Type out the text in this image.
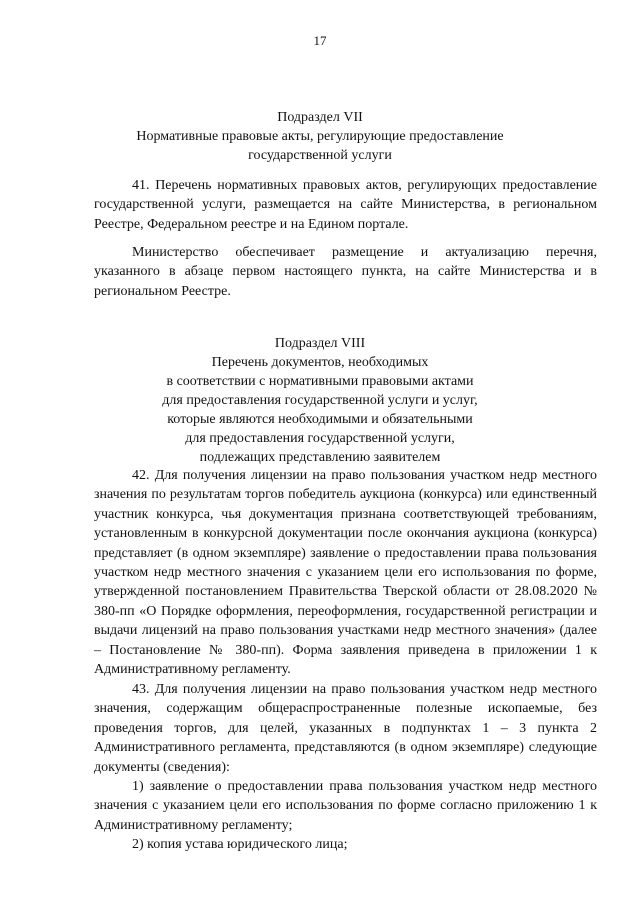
17
Подраздел VII
Нормативные правовые акты, регулирующие предоставление
государственной услуги

41. Перечень нормативных правовых актов, регулирующих предоставление государственной услуги, размещается на сайте Министерства, в региональном Реестре, Федеральном реестре и на Едином портале.

Министерство обеспечивает размещение и актуализацию перечня, указанного в абзаце первом настоящего пункта, на сайте Министерства и в региональном Реестре.

Подраздел VIII
Перечень документов, необходимых
в соответствии с нормативными правовыми актами
для предоставления государственной услуги и услуг,
которые являются необходимыми и обязательными
для предоставления государственной услуги,
подлежащих представлению заявителем

42. Для получения лицензии на право пользования участком недр местного значения по результатам торгов победитель аукциона (конкурса) или единственный участник конкурса, чья документация признана соответствующей требованиям, установленным в конкурсной документации после окончания аукциона (конкурса) представляет (в одном экземпляре) заявление о предоставлении права пользования участком недр местного значения с указанием цели его использования по форме, утвержденной постановлением Правительства Тверской области от 28.08.2020 № 380-пп «О Порядке оформления, переоформления, государственной регистрации и выдачи лицензий на право пользования участками недр местного значения» (далее – Постановление № 380-пп). Форма заявления приведена в приложении 1 к Административному регламенту.

43. Для получения лицензии на право пользования участком недр местного значения, содержащим общераспространенные полезные ископаемые, без проведения торгов, для целей, указанных в подпунктах 1 – 3 пункта 2 Административного регламента, представляются (в одном экземпляре) следующие документы (сведения):

1) заявление о предоставлении права пользования участком недр местного значения с указанием цели его использования по форме согласно приложению 1 к Административному регламенту;

2) копия устава юридического лица;
